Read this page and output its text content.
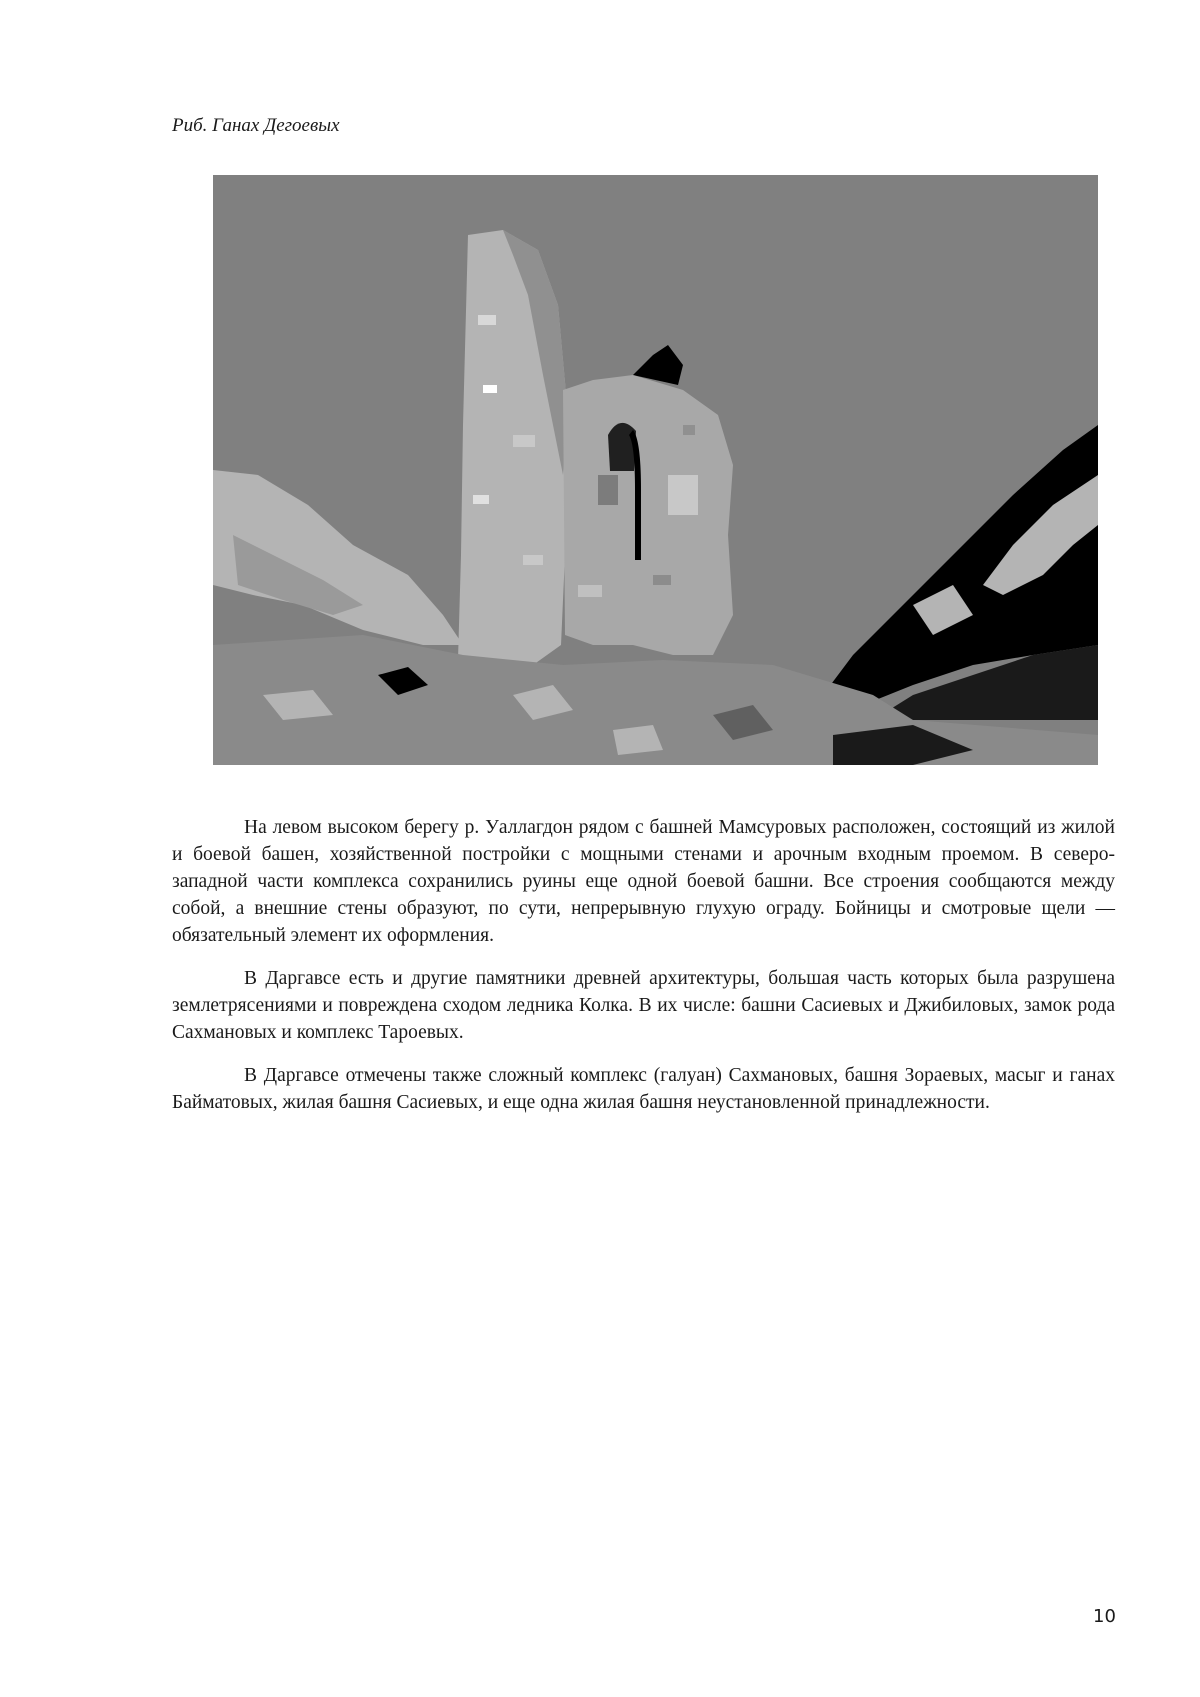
Риб. Ганах Дегоевых

На левом высоком берегу р. Уаллагдон рядом с башней Мамсуровых расположен, состоящий из жилой и боевой башен, хозяйственной постройки с мощными стенами и арочным входным проемом. В северо-западной части комплекса сохранились руины еще одной боевой башни. Все строения сообщаются между собой, а внешние стены образуют, по сути, непрерывную глухую ограду. Бойницы и смотровые щели — обязательный элемент их оформления.

В Даргавсе есть и другие памятники древней архитектуры, большая часть которых была разрушена землетрясениями и повреждена сходом ледника Колка. В их числе: башни Сасиевых и Джибиловых, замок рода Сахмановых и комплекс Тароевых.

В Даргавсе отмечены также сложный комплекс (галуан) Сахмановых, башня Зораевых, масыг и ганах Байматовых, жилая башня Сасиевых, и еще одна жилая башня неустановленной принадлежности.

10
